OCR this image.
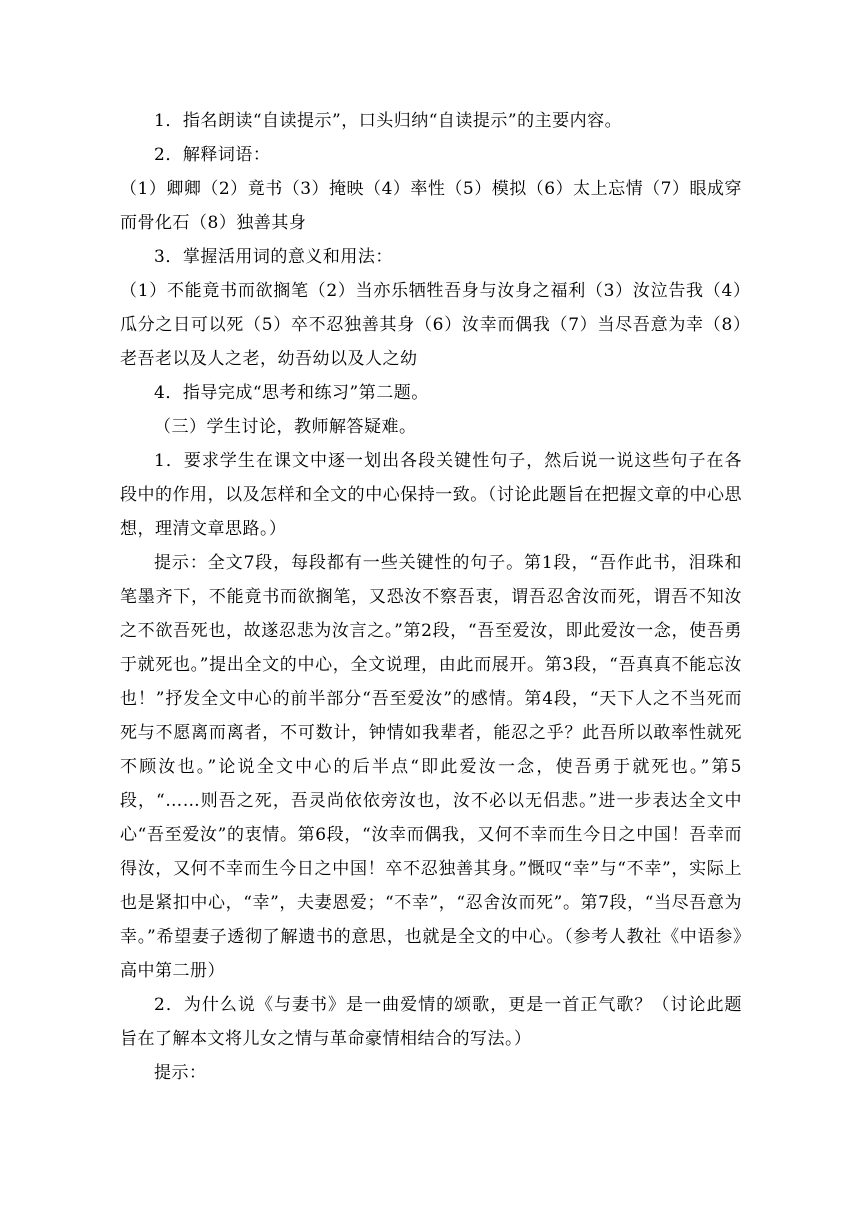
1．指名朗读“自读提示”，口头归纳“自读提示”的主要内容。

2．解释词语：

（1）卿卿（2）竟书（3）掩映（4）率性（5）模拟（6）太上忘情（7）眼成穿而骨化石（8）独善其身

3．掌握活用词的意义和用法：

（1）不能竟书而欲搁笔（2）当亦乐牺牲吾身与汝身之福利（3）汝泣告我（4）瓜分之日可以死（5）卒不忍独善其身（6）汝幸而偶我（7）当尽吾意为幸（8）老吾老以及人之老，幼吾幼以及人之幼

4．指导完成“思考和练习”第二题。

（三）学生讨论，教师解答疑难。

1．要求学生在课文中逐一划出各段关键性句子，然后说一说这些句子在各段中的作用，以及怎样和全文的中心保持一致。（讨论此题旨在把握文章的中心思想，理清文章思路。）

提示：全文7段，每段都有一些关键性的句子。第1段，“吾作此书，泪珠和笔墨齐下，不能竟书而欲搁笔，又恐汝不察吾衷，谓吾忍舍汝而死，谓吾不知汝之不欲吾死也，故遂忍悲为汝言之。”第2段，“吾至爱汝，即此爱汝一念，使吾勇于就死也。”提出全文的中心，全文说理，由此而展开。第3段，“吾真真不能忘汝也！”抒发全文中心的前半部分“吾至爱汝”的感情。第4段，“天下人之不当死而死与不愿离而离者，不可数计，钟情如我辈者，能忍之乎？此吾所以敢率性就死不顾汝也。”论说全文中心的后半点“即此爱汝一念，使吾勇于就死也。”第5段，“……则吾之死，吾灵尚依依旁汝也，汝不必以无侣悲。”进一步表达全文中心“吾至爱汝”的衷情。第6段，“汝幸而偶我，又何不幸而生今日之中国！吾幸而得汝，又何不幸而生今日之中国！卒不忍独善其身。”慨叹“幸”与“不幸”，实际上也是紧扣中心，“幸”，夫妻恩爱；“不幸”，“忍舍汝而死”。第7段，“当尽吾意为幸。”希望妻子透彻了解遗书的意思，也就是全文的中心。（参考人教社《中语参》高中第二册）

2．为什么说《与妻书》是一曲爱情的颂歌，更是一首正气歌？（讨论此题旨在了解本文将儿女之情与革命豪情相结合的写法。）

提示：
